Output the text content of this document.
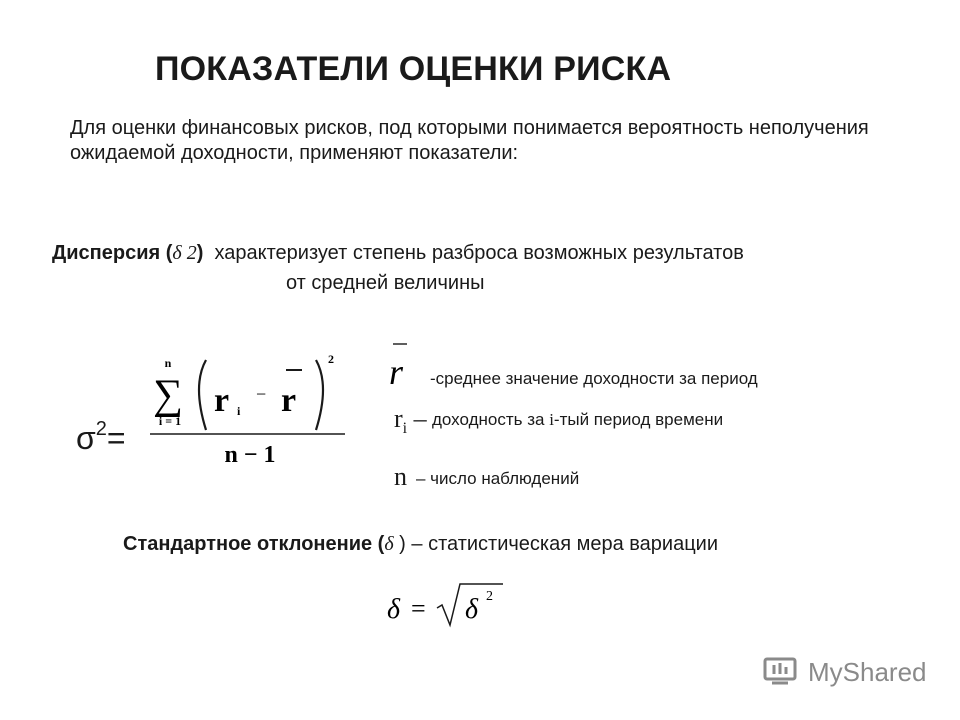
ПОКАЗАТЕЛИ ОЦЕНКИ РИСКА
Для оценки финансовых рисков, под которыми понимается вероятность неполучения ожидаемой доходности, применяют показатели:
Дисперсия (δ 2) характеризует степень разброса возможных результатов
от средней величины
$\sigma^2=$
n
∑
i = 1
r i
− r
2
n − 1
r -среднее значение доходности за период
$r_i$ – доходность за i-тый период времени
n – число наблюдений
Стандартное отклонение (δ ) – статистическая мера вариации
δ = δ 2
MyShared
